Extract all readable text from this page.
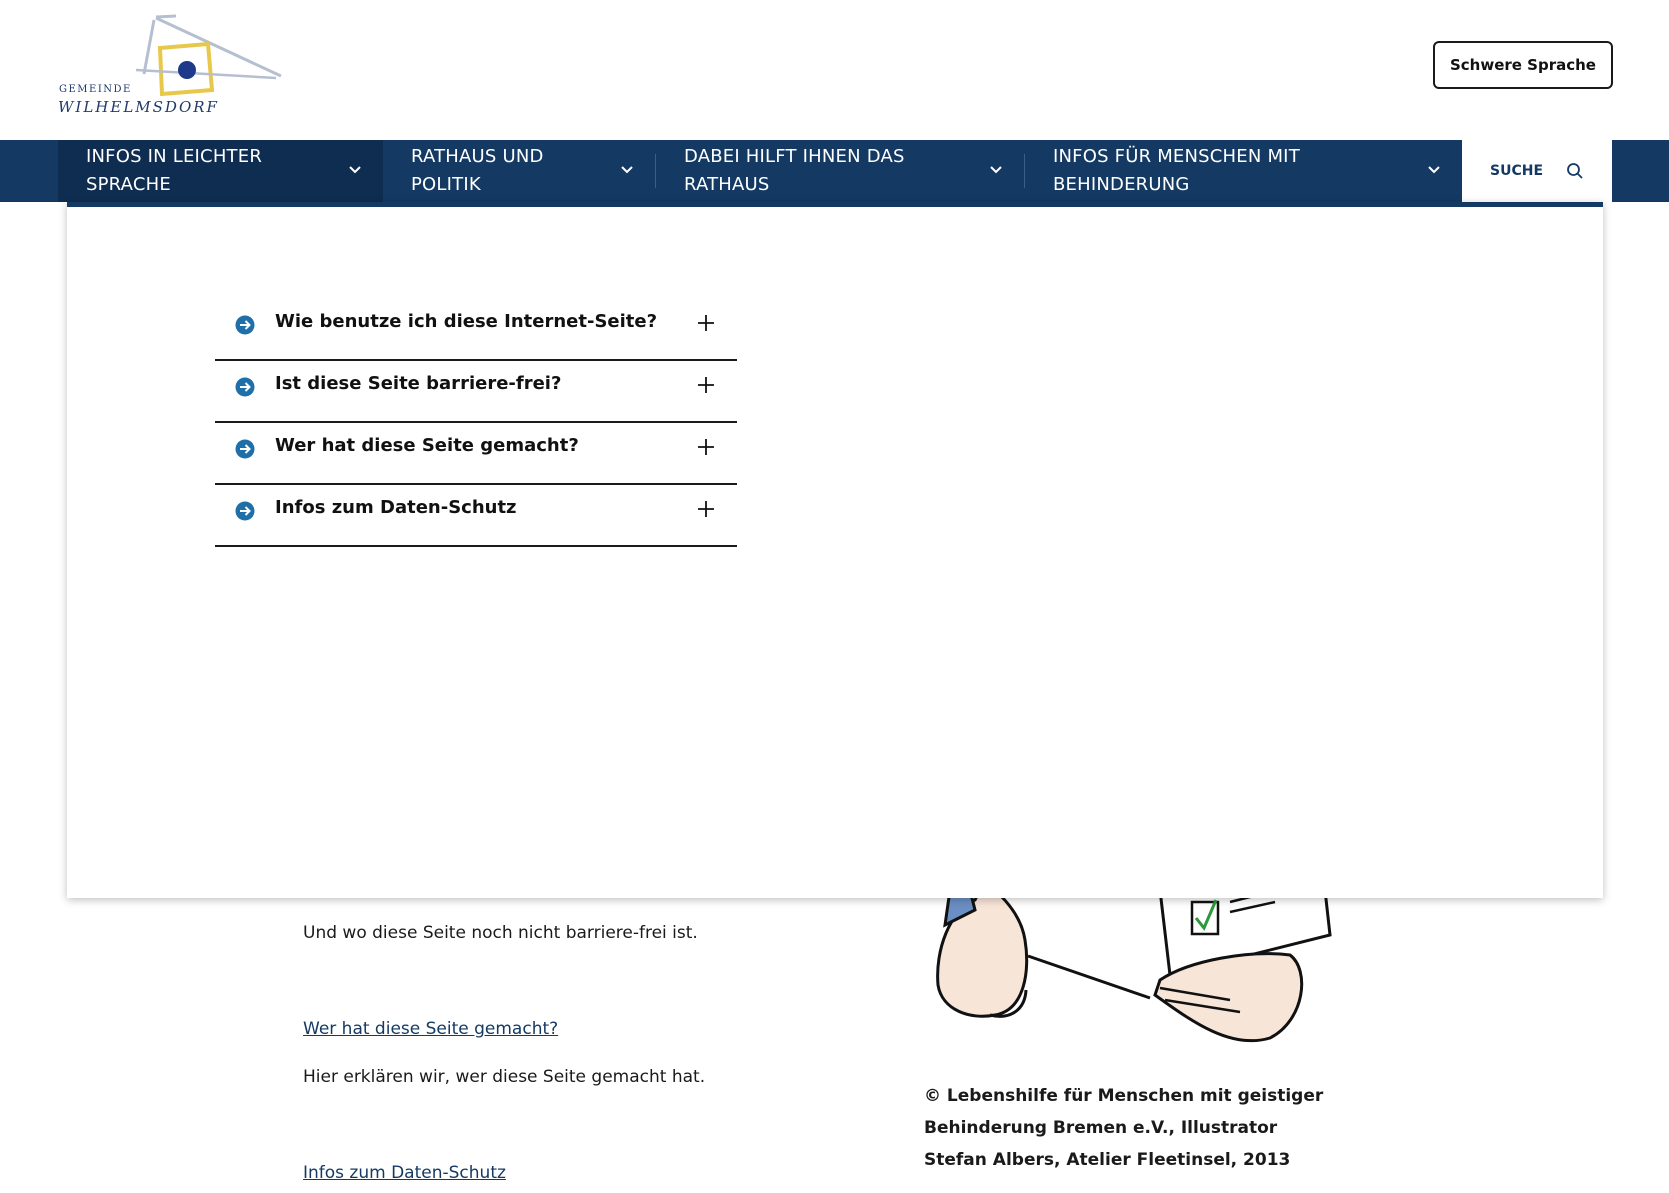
Und wo diese Seite noch nicht barriere-frei ist.
Wer hat diese Seite gemacht?
Hier erklären wir, wer diese Seite gemacht hat.
Infos zum Daten-Schutz
© Lebenshilfe für Menschen mit geistiger Behinderung Bremen e.V., Illustrator Stefan Albers, Atelier Fleetinsel, 2013
GEMEINDE
WILHELMSDORF
Schwere Sprache
INFOS IN LEICHTER
SPRACHE
RATHAUS UND
POLITIK
DABEI HILFT IHNEN DAS
RATHAUS
INFOS FÜR MENSCHEN MIT
BEHINDERUNG
SUCHE
Wie benutze ich diese Internet-Seite?
Ist diese Seite barriere-frei?
Wer hat diese Seite gemacht?
Infos zum Daten-Schutz
